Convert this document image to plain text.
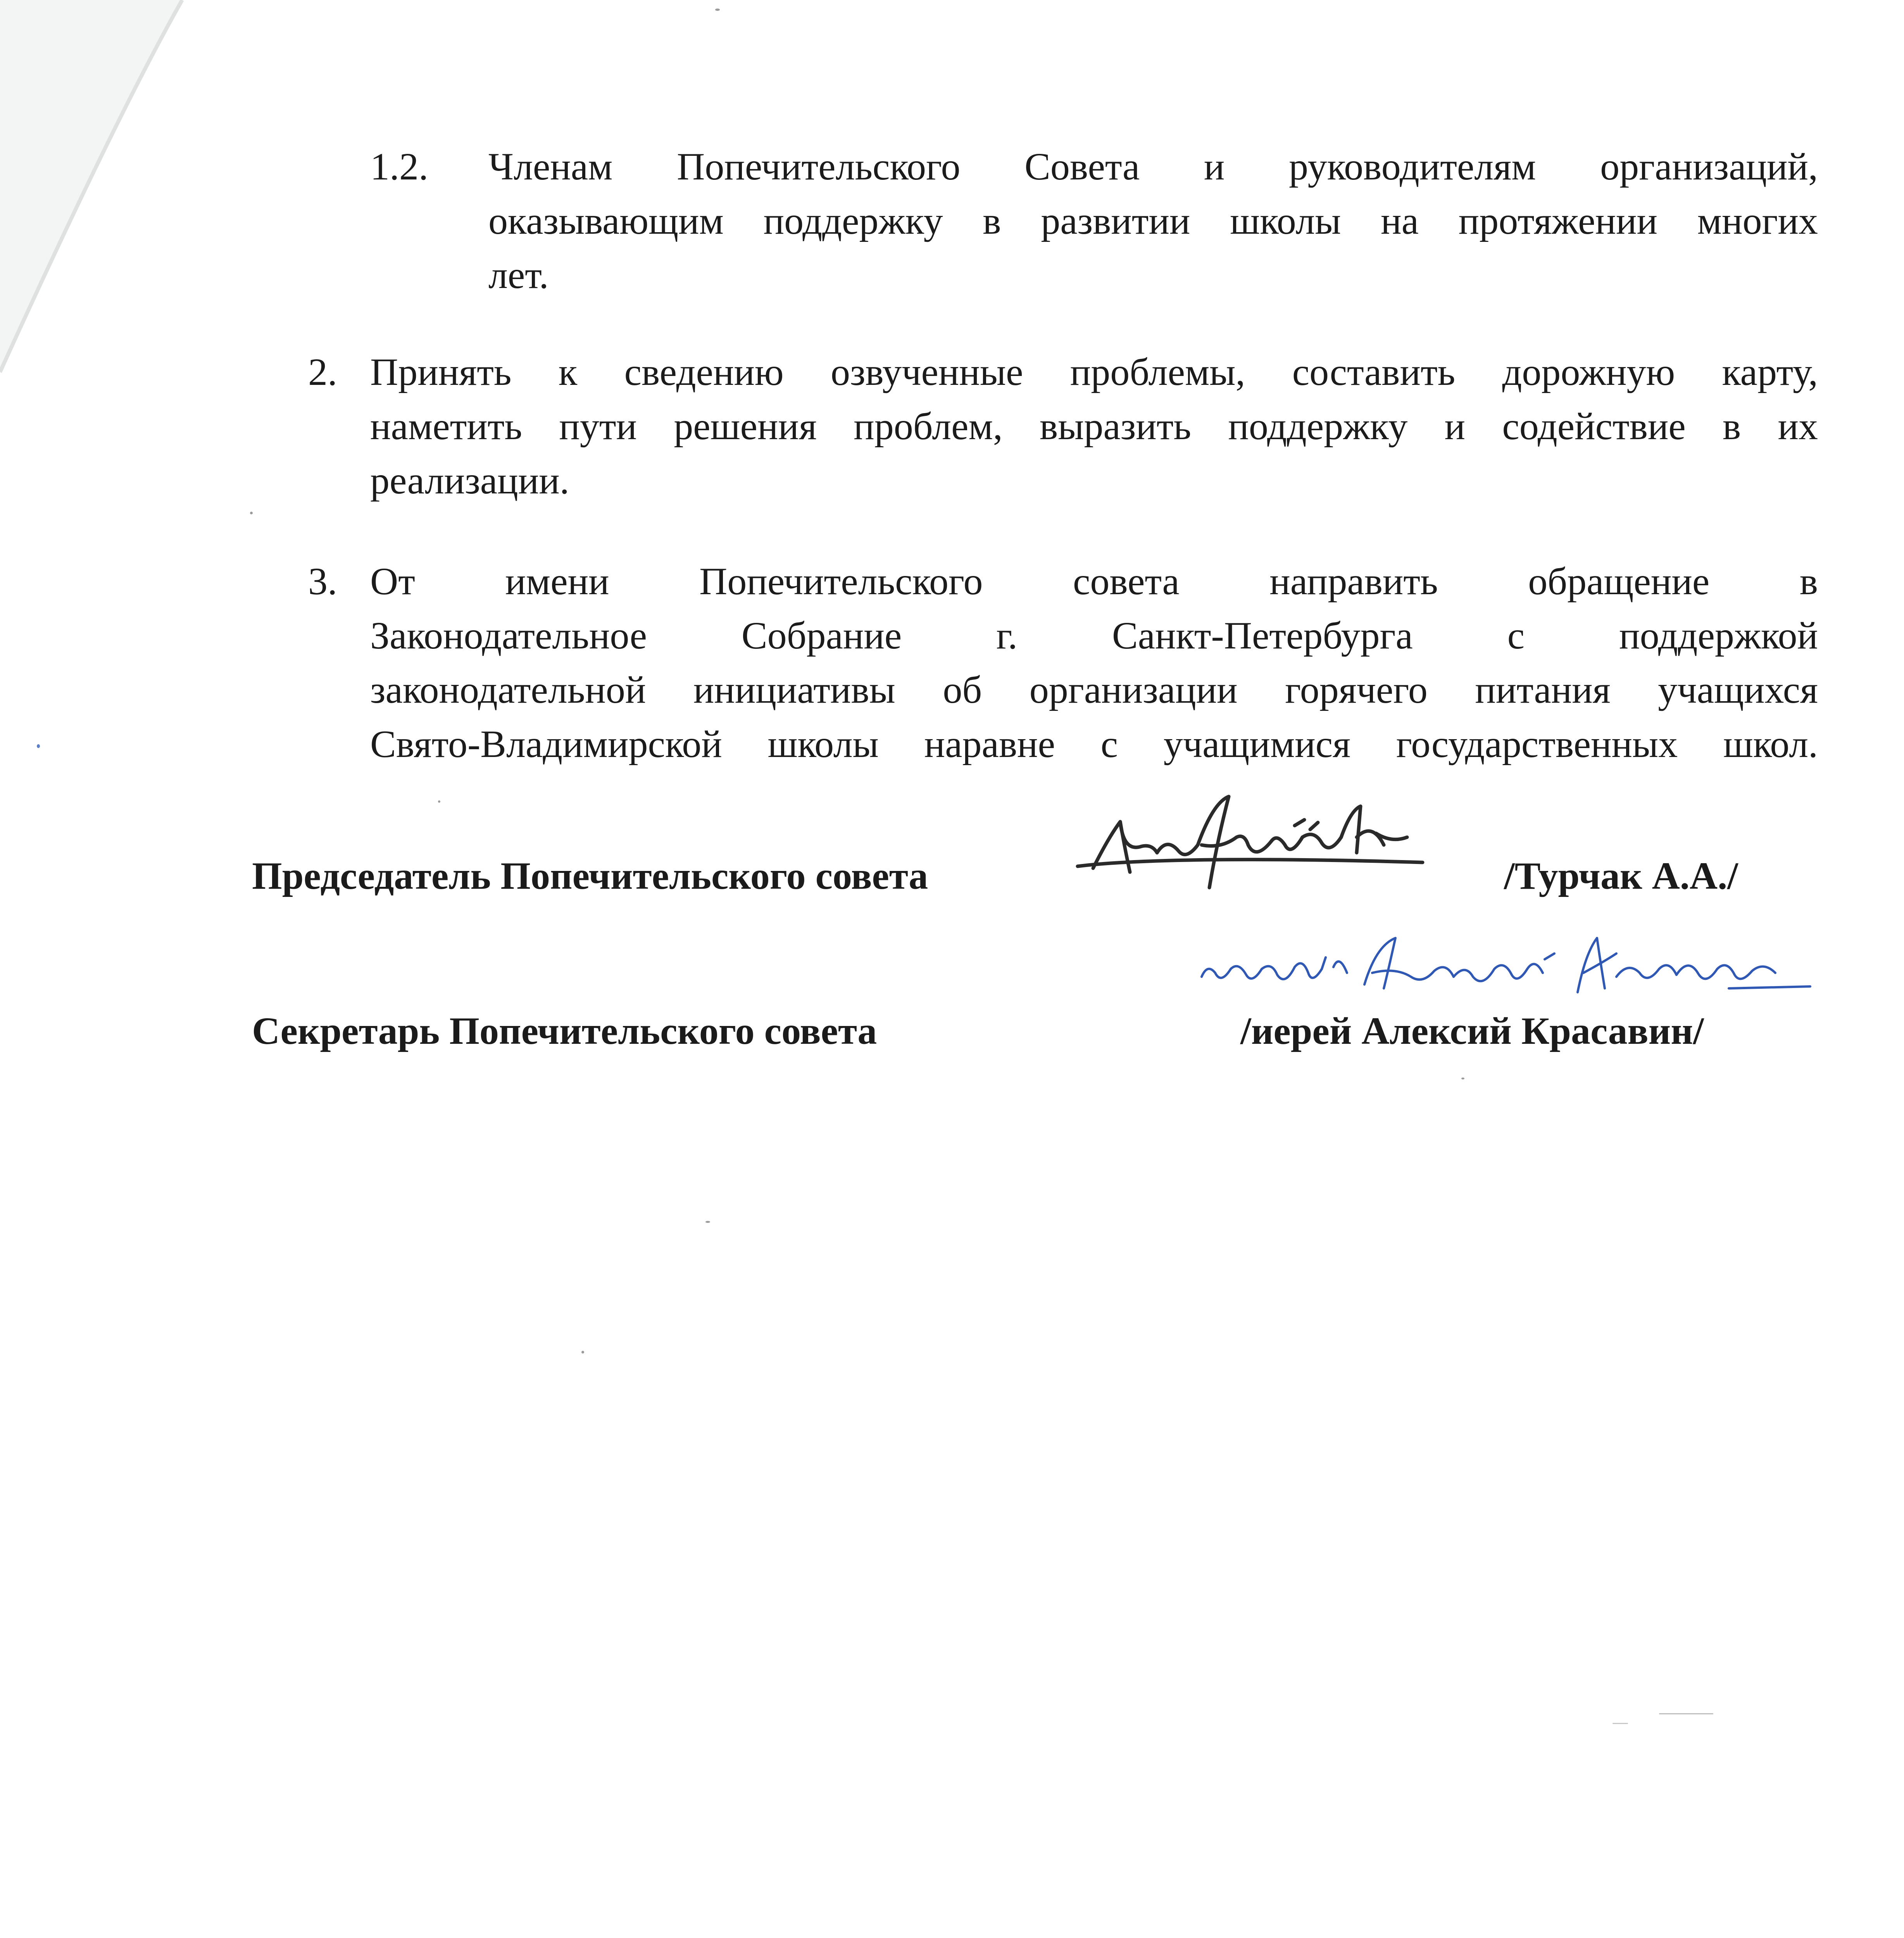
1.2. Членам Попечительского Совета и руководителям организаций,
оказывающим поддержку в развитии школы на протяжении многих
лет.
2. Принять к сведению озвученные проблемы, составить дорожную карту,
наметить пути решения проблем, выразить поддержку и содействие в их
реализации.
3. От имени Попечительского совета направить обращение в
Законодательное Собрание г. Санкт-Петербурга с поддержкой
законодательной инициативы об организации горячего питания учащихся
Свято-Владимирской школы наравне с учащимися государственных школ.
Председатель Попечительского совета	/Турчак А.А./
Секретарь Попечительского совета	/иерей Алексий Красавин/
